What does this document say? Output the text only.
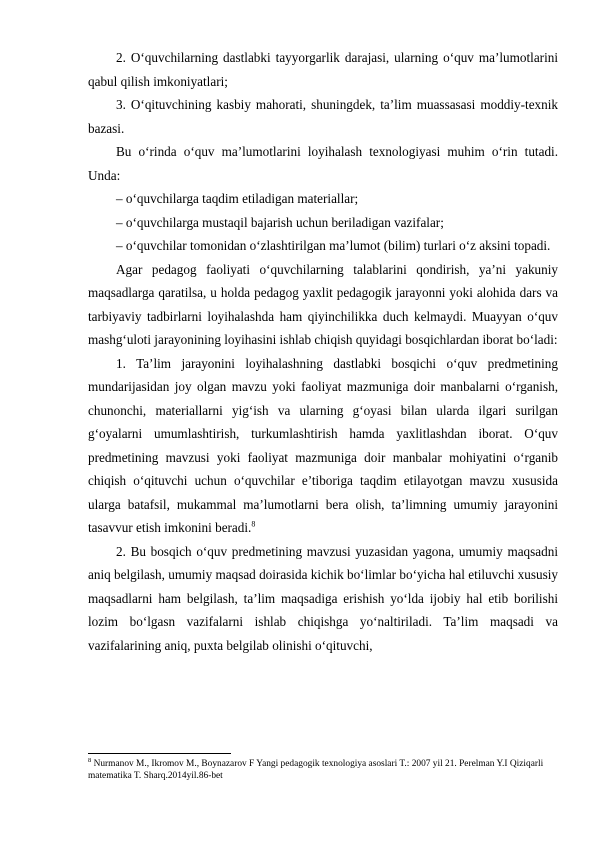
2. O‘quvchilarning dastlabki tayyorgarlik darajasi, ularning o‘quv ma’lumotlarini qabul qilish imkoniyatlari;

3. O‘qituvchining kasbiy mahorati, shuningdek, ta’lim muassasasi moddiy-texnik bazasi.

Bu o‘rinda o‘quv ma’lumotlarini loyihalash texnologiyasi muhim o‘rin tutadi. Unda:

– o‘quvchilarga taqdim etiladigan materiallar;

– o‘quvchilarga mustaqil bajarish uchun beriladigan vazifalar;

– o‘quvchilar tomonidan o‘zlashtirilgan ma’lumot (bilim) turlari o‘z aksini topadi.

Agar pedagog faoliyati o‘quvchilarning talablarini qondirish, ya’ni yakuniy maqsadlarga qaratilsa, u holda pedagog yaxlit pedagogik jarayonni yoki alohida dars va tarbiyaviy tadbirlarni loyihalashda ham qiyinchilikka duch kelmaydi. Muayyan o‘quv mashg‘uloti jarayonining loyihasini ishlab chiqish quyidagi bosqichlardan iborat bo‘ladi:

1. Ta’lim jarayonini loyihalashning dastlabki bosqichi o‘quv predmetining mundarijasidan joy olgan mavzu yoki faoliyat mazmuniga doir manbalarni o‘rganish, chunonchi, materiallarni yig‘ish va ularning g‘oyasi bilan ularda ilgari surilgan g‘oyalarni umumlashtirish, turkumlashtirish hamda yaxlitlashdan iborat. O‘quv predmetining mavzusi yoki faoliyat mazmuniga doir manbalar mohiyatini o‘rganib chiqish o‘qituvchi uchun o‘quvchilar e’tiboriga taqdim etilayotgan mavzu xususida ularga batafsil, mukammal ma’lumotlarni bera olish, ta’limning umumiy jarayonini tasavvur etish imkonini beradi.$^8$

2. Bu bosqich o‘quv predmetining mavzusi yuzasidan yagona, umumiy maqsadni aniq belgilash, umumiy maqsad doirasida kichik bo‘limlar bo‘yicha hal etiluvchi xususiy maqsadlarni ham belgilash, ta’lim maqsadiga erishish yo‘lda ijobiy hal etib borilishi lozim bo‘lgasn vazifalarni ishlab chiqishga yo‘naltiriladi. Ta’lim maqsadi va vazifalarining aniq, puxta belgilab olinishi o‘qituvchi,

$^8$ Nurmanov M., Ikromov M., Boynazarov F Yangi pedagogik texnologiya asoslari T.: 2007 yil 21. Perelman Y.I Qiziqarli matematika T. Sharq.2014yil.86-bet
